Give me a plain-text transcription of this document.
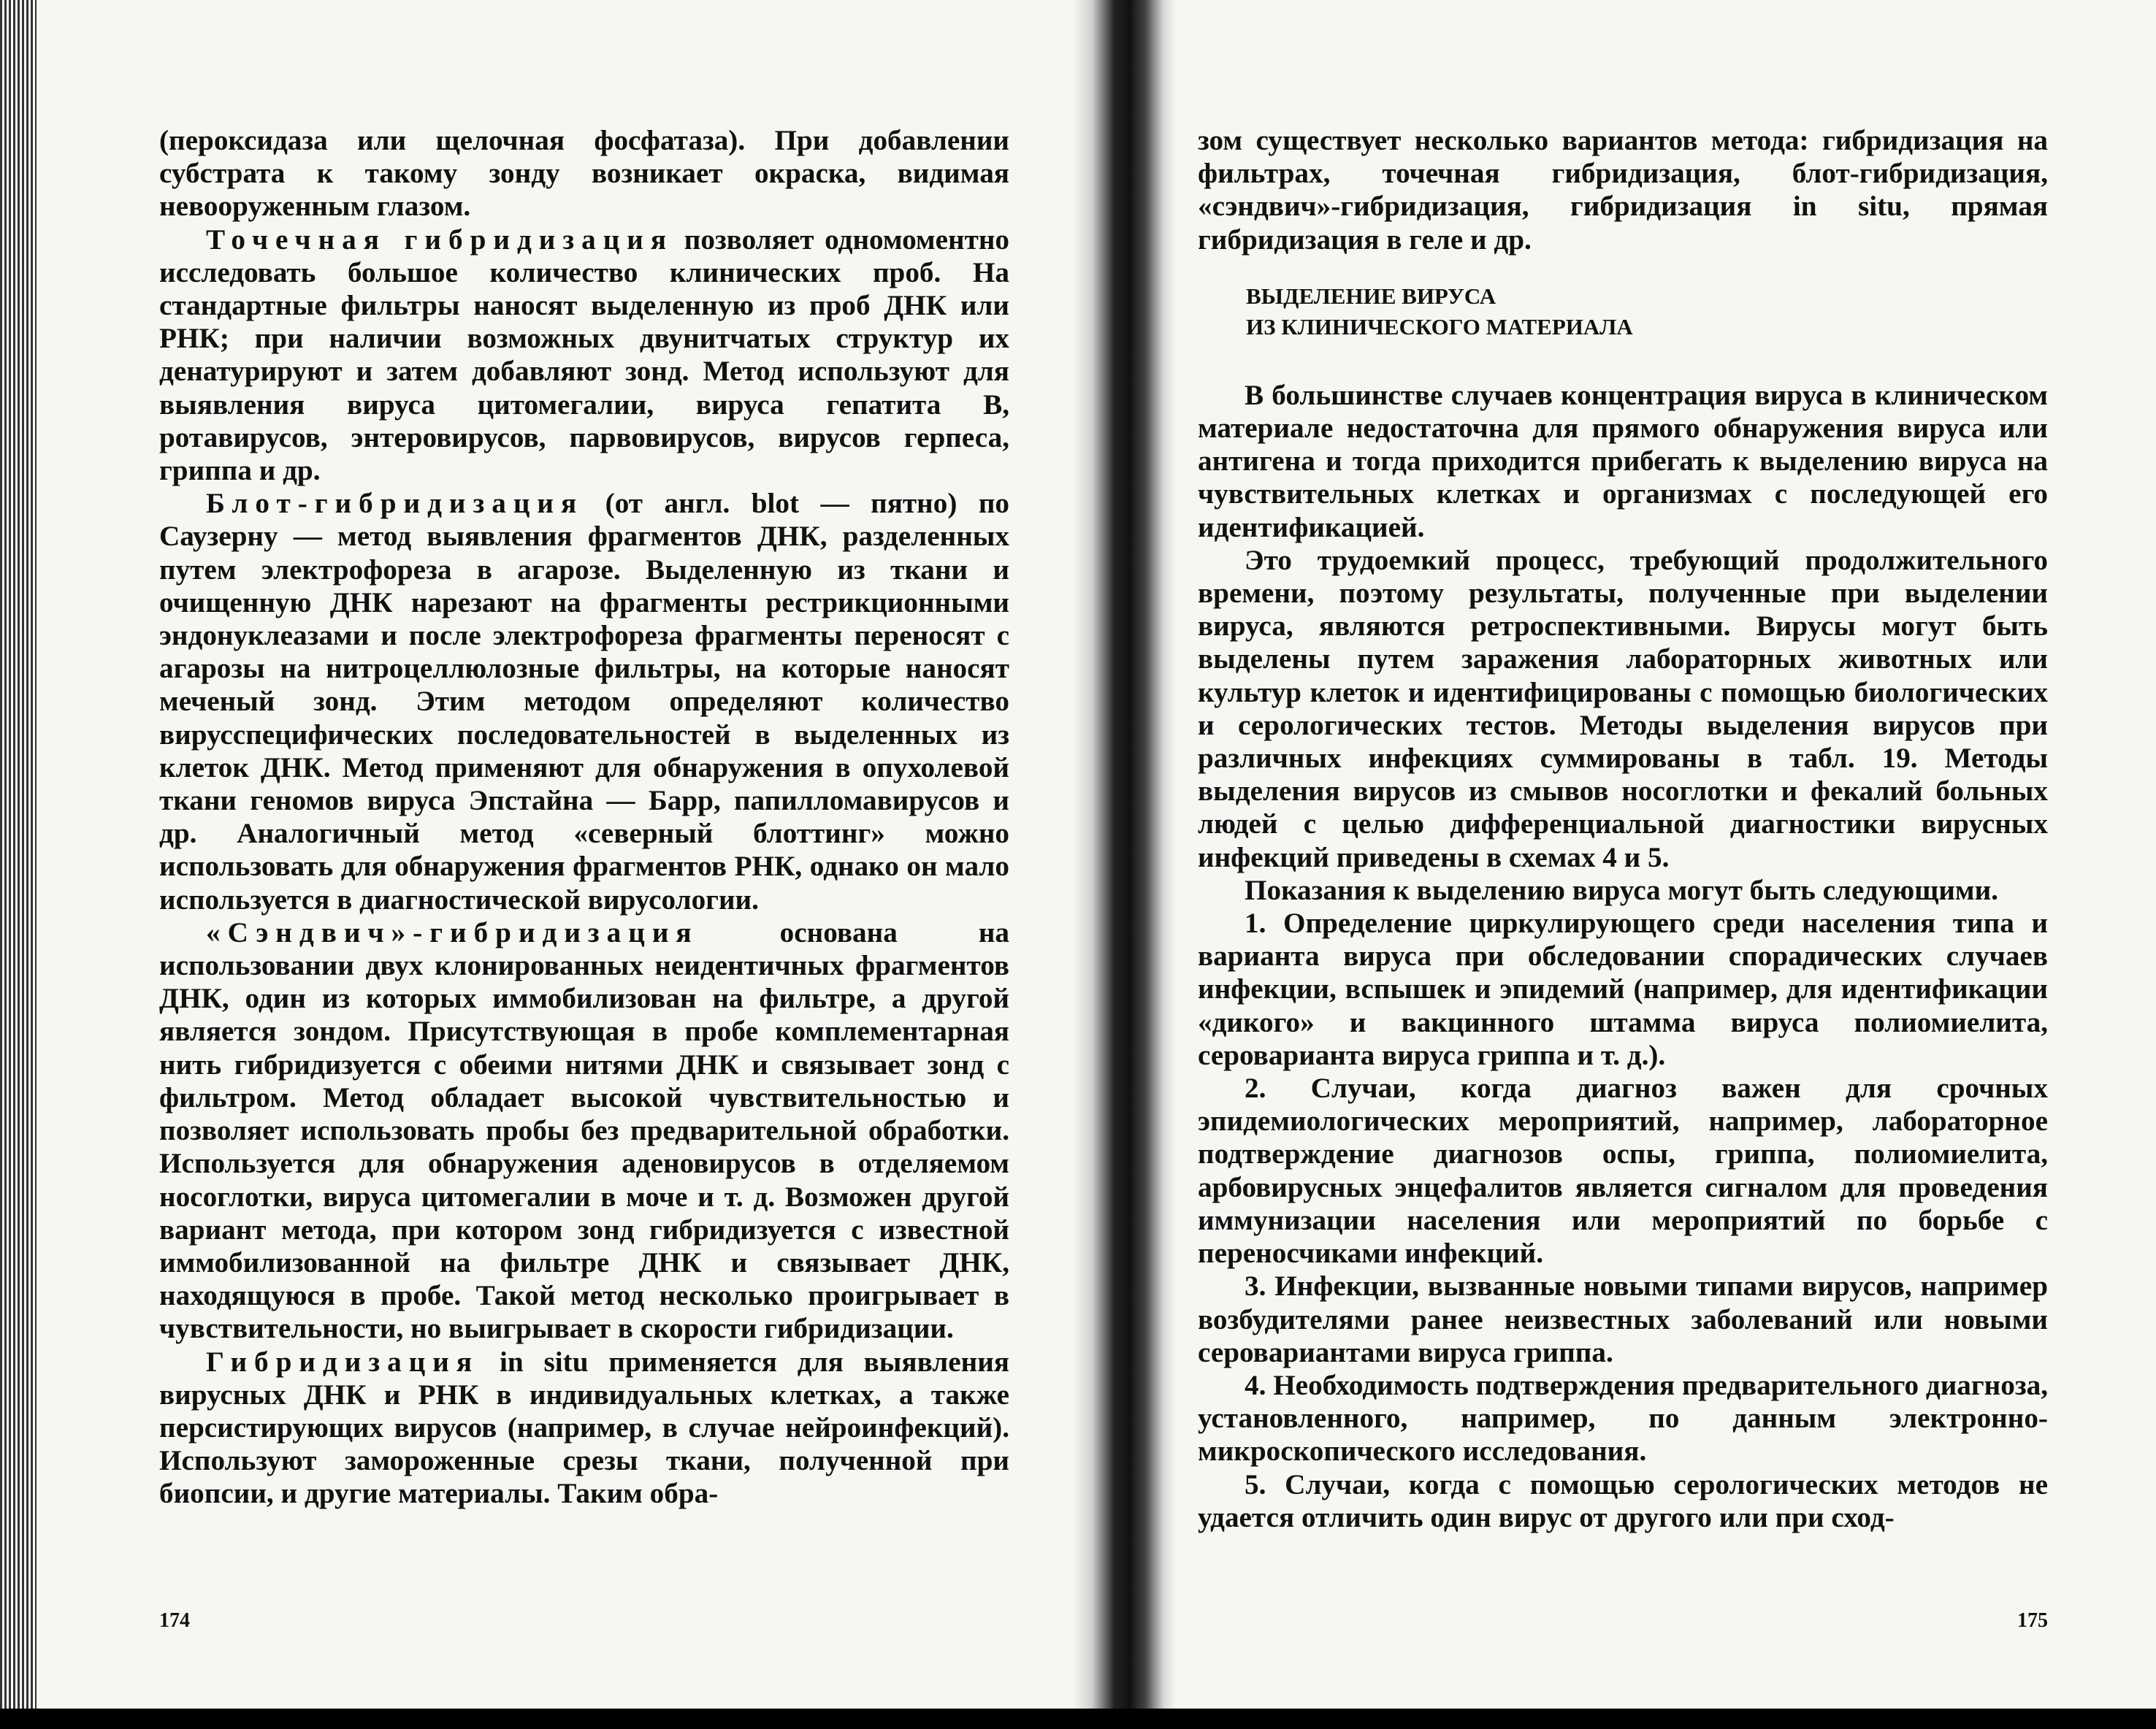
(пероксидаза или щелочная фосфатаза). При добавлении субстрата к такому зонду возникает окраска, видимая невооруженным глазом.

Точечная гибридизация позволяет одномоментно исследовать большое количество клинических проб. На стандартные фильтры наносят выделенную из проб ДНК или РНК; при наличии возможных двунитчатых структур их денатурируют и затем добавляют зонд. Метод используют для выявления вируса цитомегалии, вируса гепатита В, ротавирусов, энтеровирусов, парвовирусов, вирусов герпеса, гриппа и др.

Блот-гибридизация (от англ. blot — пятно) по Саузерну — метод выявления фрагментов ДНК, разделенных путем электрофореза в агарозе. Выделенную из ткани и очищенную ДНК нарезают на фрагменты рестрикционными эндонуклеазами и после электрофореза фрагменты переносят с агарозы на нитроцеллюлозные фильтры, на которые наносят меченый зонд. Этим методом определяют количество вирусспецифических последовательностей в выделенных из клеток ДНК. Метод применяют для обнаружения в опухолевой ткани геномов вируса Эпстайна — Барр, папилломавирусов и др. Аналогичный метод «северный блоттинг» можно использовать для обнаружения фрагментов РНК, однако он мало используется в диагностической вирусологии.

«Сэндвич»-гибридизация основана на использовании двух клонированных неидентичных фрагментов ДНК, один из которых иммобилизован на фильтре, а другой является зондом. Присутствующая в пробе комплементарная нить гибридизуется с обеими нитями ДНК и связывает зонд с фильтром. Метод обладает высокой чувствительностью и позволяет использовать пробы без предварительной обработки. Используется для обнаружения аденовирусов в отделяемом носоглотки, вируса цитомегалии в моче и т. д. Возможен другой вариант метода, при котором зонд гибридизуется с известной иммобилизованной на фильтре ДНК и связывает ДНК, находящуюся в пробе. Такой метод несколько проигрывает в чувствительности, но выигрывает в скорости гибридизации.

Гибридизация in situ применяется для выявления вирусных ДНК и РНК в индивидуальных клетках, а также персистирующих вирусов (например, в случае нейроинфекций). Используют замороженные срезы ткани, полученной при биопсии, и другие материалы. Таким обра-

174

зом существует несколько вариантов метода: гибридизация на фильтрах, точечная гибридизация, блот-гибридизация, «сэндвич»-гибридизация, гибридизация in situ, прямая гибридизация в геле и др.

ВЫДЕЛЕНИЕ ВИРУСА
ИЗ КЛИНИЧЕСКОГО МАТЕРИАЛА

В большинстве случаев концентрация вируса в клиническом материале недостаточна для прямого обнаружения вируса или антигена и тогда приходится прибегать к выделению вируса на чувствительных клетках и организмах с последующей его идентификацией.

Это трудоемкий процесс, требующий продолжительного времени, поэтому результаты, полученные при выделении вируса, являются ретроспективными. Вирусы могут быть выделены путем заражения лабораторных животных или культур клеток и идентифицированы с помощью биологических и серологических тестов. Методы выделения вирусов при различных инфекциях суммированы в табл. 19. Методы выделения вирусов из смывов носоглотки и фекалий больных людей с целью дифференциальной диагностики вирусных инфекций приведены в схемах 4 и 5.

Показания к выделению вируса могут быть следующими.

1. Определение циркулирующего среди населения типа и варианта вируса при обследовании спорадических случаев инфекции, вспышек и эпидемий (например, для идентификации «дикого» и вакцинного штамма вируса полиомиелита, сероварианта вируса гриппа и т. д.).

2. Случаи, когда диагноз важен для срочных эпидемиологических мероприятий, например, лабораторное подтверждение диагнозов оспы, гриппа, полиомиелита, арбовирусных энцефалитов является сигналом для проведения иммунизации населения или мероприятий по борьбе с переносчиками инфекций.

3. Инфекции, вызванные новыми типами вирусов, например возбудителями ранее неизвестных заболеваний или новыми серовариантами вируса гриппа.

4. Необходимость подтверждения предварительного диагноза, установленного, например, по данным электронно-микроскопического исследования.

5. Случаи, когда с помощью серологических методов не удается отличить один вирус от другого или при сход-

175
